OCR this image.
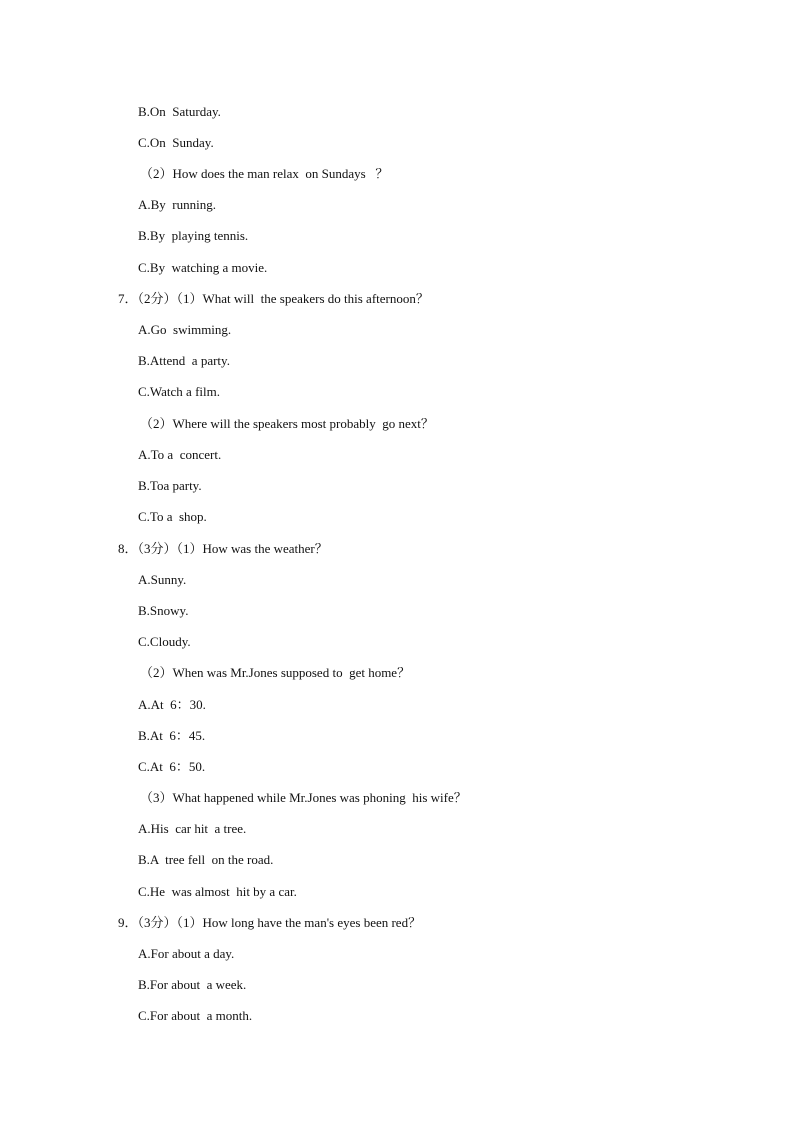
B.On  Saturday.
C.On  Sunday.
（2）How does the man relax  on Sundays   ？
A.By  running.
B.By  playing tennis.
C.By  watching a movie.
7．（2分）（1）What will  the speakers do this afternoon？
A.Go  swimming.
B.Attend  a party.
C.Watch a film.
（2）Where will the speakers most probably  go next？
A.To a  concert.
B.Toa party.
C.To a  shop.
8．（3分）（1）How was the weather？
A.Sunny.
B.Snowy.
C.Cloudy.
（2）When was Mr.Jones supposed to  get home？
A.At  6：30.
B.At  6：45.
C.At  6：50.
（3）What happened while Mr.Jones was phoning  his wife？
A.His  car hit  a tree.
B.A  tree fell  on the road.
C.He  was almost  hit by a car.
9．（3分）（1）How long have the man's eyes been red？
A.For about a day.
B.For about  a week.
C.For about  a month.
